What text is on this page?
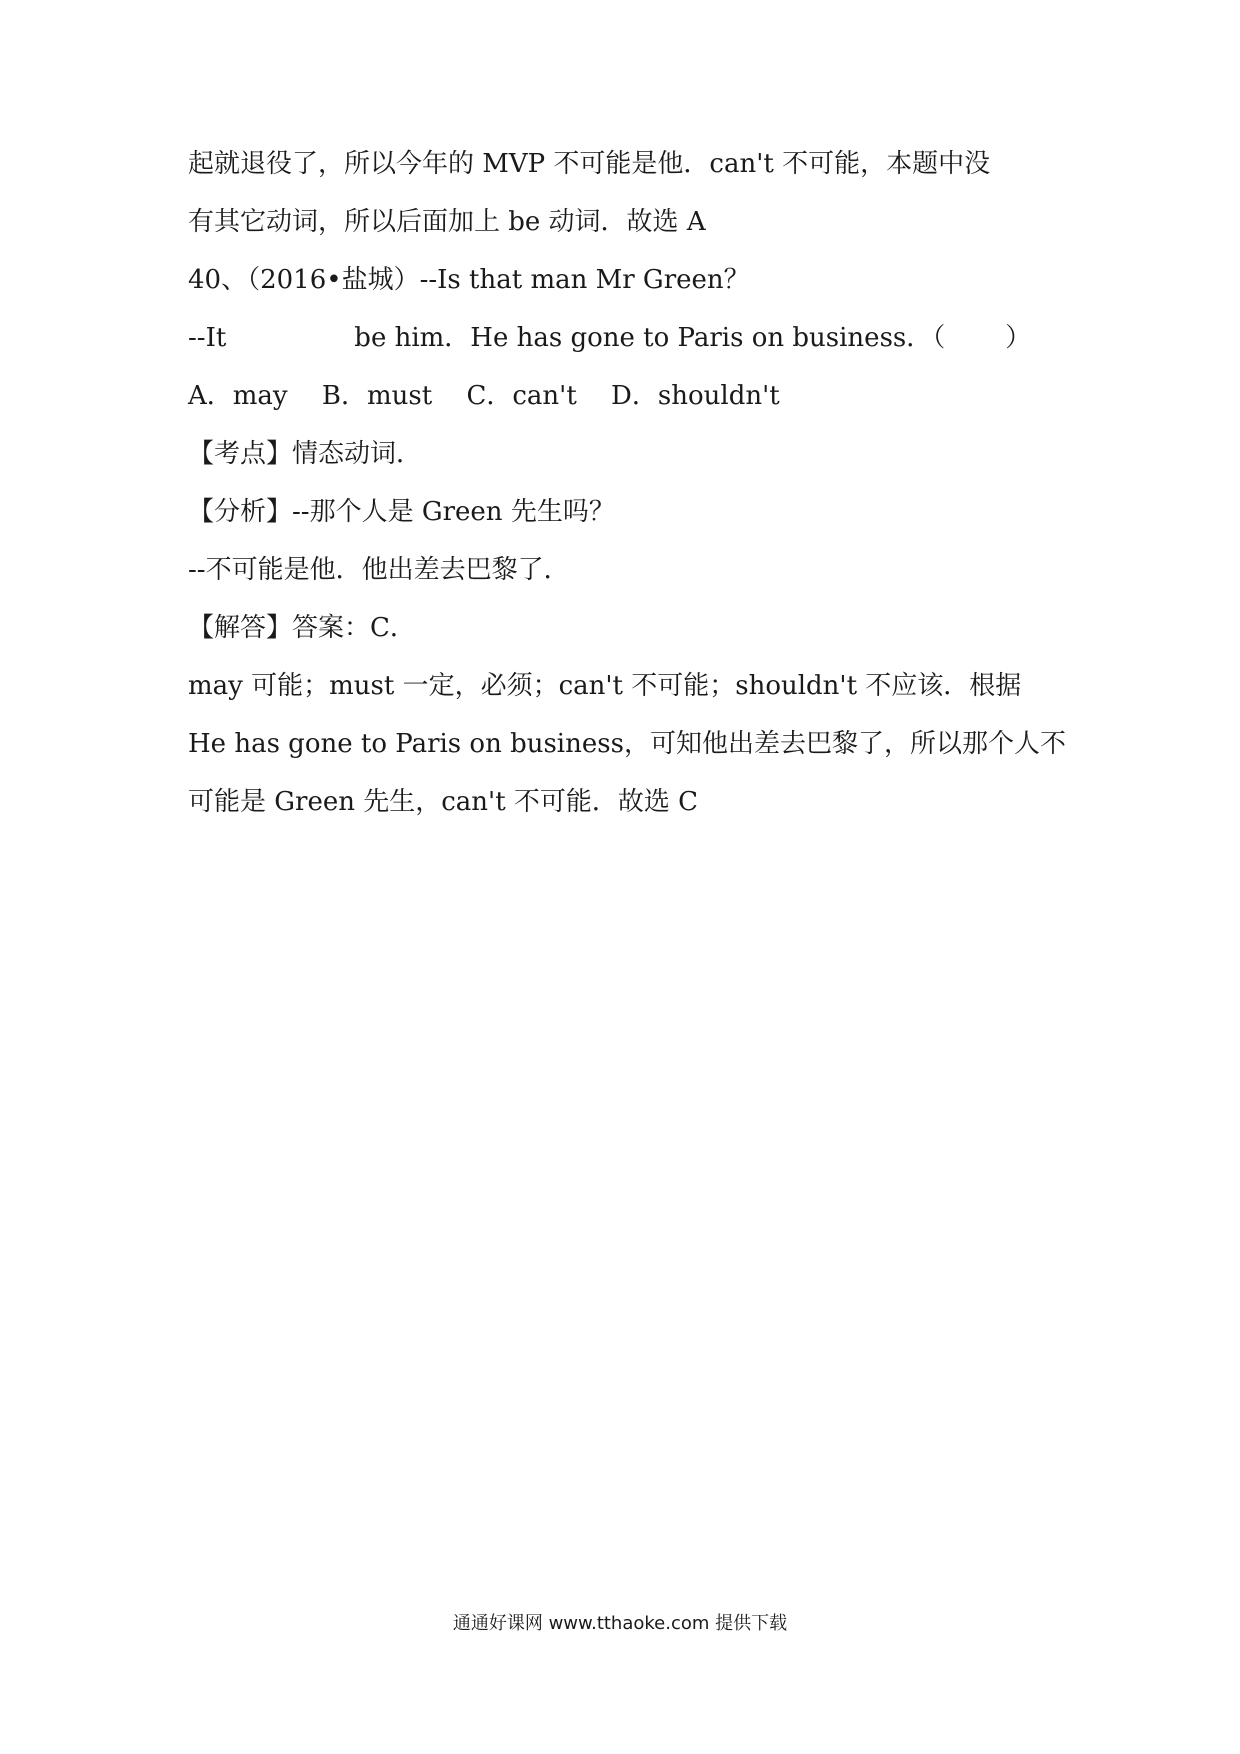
起就退役了，所以今年的 MVP 不可能是他．can't 不可能，本题中没
有其它动词，所以后面加上 be 动词．故选 A
40、（2016•盐城）--Is that man Mr Green？
--It	be him．He has gone to Paris on business．（ ）
A．may B．must C．can't D．shouldn't
【考点】情态动词．
【分析】--那个人是 Green 先生吗？
--不可能是他．他出差去巴黎了．
【解答】答案：C．
may 可能；must 一定，必须；can't 不可能；shouldn't 不应该．根据
He has gone to Paris on business，可知他出差去巴黎了，所以那个人不
可能是 Green 先生，can't 不可能．故选 C
通通好课网 www.tthaoke.com 提供下载
